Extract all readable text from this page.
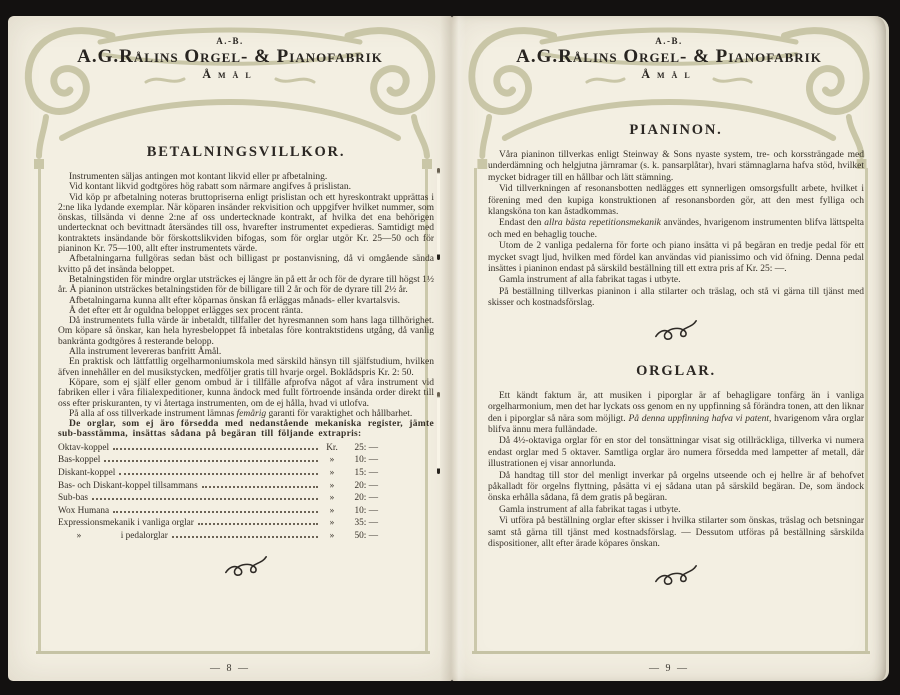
A.-B.
A.G.Rålins Orgel- & Pianofabrik
Åmål
BETALNINGSVILLKOR.

Instrumenten säljas antingen mot kontant likvid eller pr afbetalning.

Vid kontant likvid godtgöres hög rabatt som närmare angifves å prislistan.

Vid köp pr afbetalning noteras bruttopriserna enligt prislistan och ett hyreskontrakt upprättas i 2:ne lika lydande exemplar. När köparen insänder rekvisition och uppgifver hvilket nummer, som önskas, tillsända vi denne 2:ne af oss undertecknade kontrakt, af hvilka det ena behörigen undertecknat och bevittnadt återsändes till oss, hvarefter instrumentet expedieras. Samtidigt med kontraktets insändande bör förskottslikviden bifogas, som för orglar utgör Kr. 25—50 och för pianinon Kr. 75—100, allt efter instrumentets värde.

Afbetalningarna fullgöras sedan bäst och billigast pr postanvisning, då vi omgående sända kvitto på det insända beloppet.

Betalningstiden för mindre orglar utsträckes ej längre än på ett år och för de dyrare till högst 1½ år. Å pianinon utsträckes betalningstiden för de billigare till 2 år och för de dyrare till 2½ år.

Afbetalningarna kunna allt efter köparnas önskan få erläggas månads- eller kvartalsvis.

Å det efter ett år oguldna beloppet erlägges sex procent ränta.

Då instrumentets fulla värde är inbetaldt, tillfaller det hyresmannen som hans laga tillhörighet. Om köpare så önskar, kan hela hyresbeloppet få inbetalas före kontraktstidens utgång, då vanlig bankränta godtgöres å resterande belopp.

Alla instrument levereras banfritt Åmål.

En praktisk och lättfattlig orgelharmoniumskola med särskild hänsyn till själfstudium, hvilken äfven innehåller en del musikstycken, medföljer gratis till hvarje orgel. Boklådspris Kr. 2: 50.

Köpare, som ej själf eller genom ombud är i tillfälle afprofva något af våra instrument vid fabriken eller i våra filialexpeditioner, kunna ändock med fullt förtroende insända order direkt till oss efter priskuranten, ty vi återtaga instrumenten, om de ej hålla, hvad vi utlofva.

På alla af oss tillverkade instrument lämnas femårig garanti för varaktighet och hållbarhet.

De orglar, som ej äro försedda med nedanstående mekaniska register, jämte sub-basstämma, insättas sådana på begäran till följande extrapris:

Oktav-koppel	Kr.	25: —
Bas-koppel	»	10: —
Diskant-koppel	»	15: —
Bas- och Diskant-koppel tillsammans	»	20: —
Sub-bas	»	20: —
Wox Humana	»	10: —
Expressionsmekanik i vanliga orglar	»	35: —
»                 i pedalorglar	»	50: —
— 8 —
A.-B.
A.G.Rålins Orgel- & Pianofabrik
Åmål
PIANINON.

Våra pianinon tillverkas enligt Steinway & Sons nyaste system, tre- och korssträngade med underdämning och helgjutna järnramar (s. k. pansarplåtar), hvari stämnaglarna hafva stöd, hvilket mycket bidrager till en hållbar och lätt stämning.

Vid tillverkningen af resonansbotten nedlägges ett synnerligen omsorgsfullt arbete, hvilket i förening med den kupiga konstruktionen af resonansborden gör, att den mest fylliga och klangsköna ton kan åstadkommas.

Endast den allra bästa repetitionsmekanik användes, hvarigenom instrumenten blifva lättspelta och med en behaglig touche.

Utom de 2 vanliga pedalerna för forte och piano insätta vi på begäran en tredje pedal för ett mycket svagt ljud, hvilken med fördel kan användas vid pianissimo och vid öfning. Denna pedal insättes i pianinon endast på särskild beställning till ett extra pris af Kr. 25: —.

Gamla instrument af alla fabrikat tagas i utbyte.

På beställning tillverkas pianinon i alla stilarter och träslag, och stå vi gärna till tjänst med skisser och kostnadsförslag.

ORGLAR.

Ett kändt faktum är, att musiken i piporglar är af behagligare tonfärg än i vanliga orgelharmonium, men det har lyckats oss genom en ny uppfinning så förändra tonen, att den liknar den i piporglar så nära som möjligt. På denna uppfinning hafva vi patent, hvarigenom våra orglar blifva ännu mera fulländade.

Då 4½-oktaviga orglar för en stor del tonsättningar visat sig otillräckliga, tillverka vi numera endast orglar med 5 oktaver. Samtliga orglar äro numera försedda med lampetter af metall, där illustrationen ej visar annorlunda.

Då handtag till stor del menligt inverkar på orgelns utseende och ej hellre är af behofvet påkalladt för orgelns flyttning, påsätta vi ej sådana utan på särskild begäran. De, som ändock önska erhålla sådana, få dem gratis på begäran.

Gamla instrument af alla fabrikat tagas i utbyte.

Vi utföra på beställning orglar efter skisser i hvilka stilarter som önskas, träslag och betsningar samt stå gärna till tjänst med kostnadsförslag. — Dessutom utföras på beställning särskilda dispositioner, allt efter ärade köpares önskan.

— 9 —
